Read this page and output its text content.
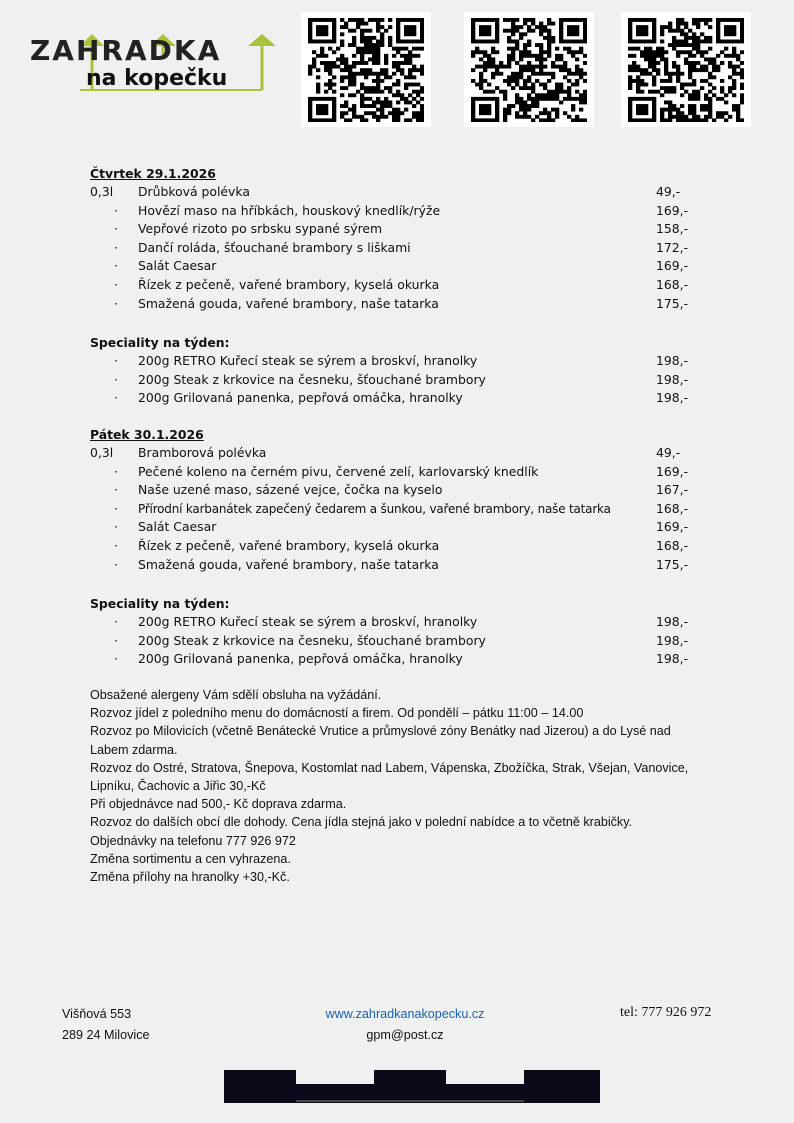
ZAHRADKA
na kopečku
Čtvrtek 29.1.2026
0,3l	Drůbková polévka	49,-
· Hovězí maso na hříbkách, houskový knedlík/rýže	169,-
· Vepřové rizoto po srbsku sypané sýrem	158,-
· Dančí roláda, šťouchané brambory s liškami	172,-
· Salát Caesar	169,-
· Řízek z pečeně, vařené brambory, kyselá okurka	168,-
· Smažená gouda, vařené brambory, naše tatarka	175,-
Speciality na týden:
· 200g RETRO Kuřecí steak se sýrem a broskví, hranolky	198,-
· 200g Steak z krkovice na česneku, šťouchané brambory	198,-
· 200g Grilovaná panenka, pepřová omáčka, hranolky	198,-
Pátek 30.1.2026
0,3l	Bramborová polévka	49,-
· Pečené koleno na černém pivu, červené zelí, karlovarský knedlík	169,-
· Naše uzené maso, sázené vejce, čočka na kyselo	167,-
· Přírodní karbanátek zapečený čedarem a šunkou, vařené brambory, naše tatarka	168,-
· Salát Caesar	169,-
· Řízek z pečeně, vařené brambory, kyselá okurka	168,-
· Smažená gouda, vařené brambory, naše tatarka	175,-
Speciality na týden:
· 200g RETRO Kuřecí steak se sýrem a broskví, hranolky	198,-
· 200g Steak z krkovice na česneku, šťouchané brambory	198,-
· 200g Grilovaná panenka, pepřová omáčka, hranolky	198,-
Obsažené alergeny Vám sdělí obsluha na vyžádání.
Rozvoz jídel z poledního menu do domácností a firem. Od pondělí – pátku 11:00 – 14.00
Rozvoz po Milovicích (včetně Benátecké Vrutice a průmyslové zóny Benátky nad Jizerou) a do Lysé nad
Labem zdarma.
Rozvoz do Ostré, Stratova, Šnepova, Kostomlat nad Labem, Vápenska, Zbožíčka, Strak, Všejan, Vanovice,
Lipníku, Čachovic a Jiřic 30,-Kč
Při objednávce nad 500,- Kč doprava zdarma.
Rozvoz do dalších obcí dle dohody. Cena jídla stejná jako v polední nabídce a to včetně krabičky.
Objednávky na telefonu 777 926 972
Změna sortimentu a cen vyhrazena.
Změna přílohy na hranolky +30,-Kč.
Višňová 553
289 24 Milovice
www.zahradkanakopecku.cz
gpm@post.cz
tel: 777 926 972
